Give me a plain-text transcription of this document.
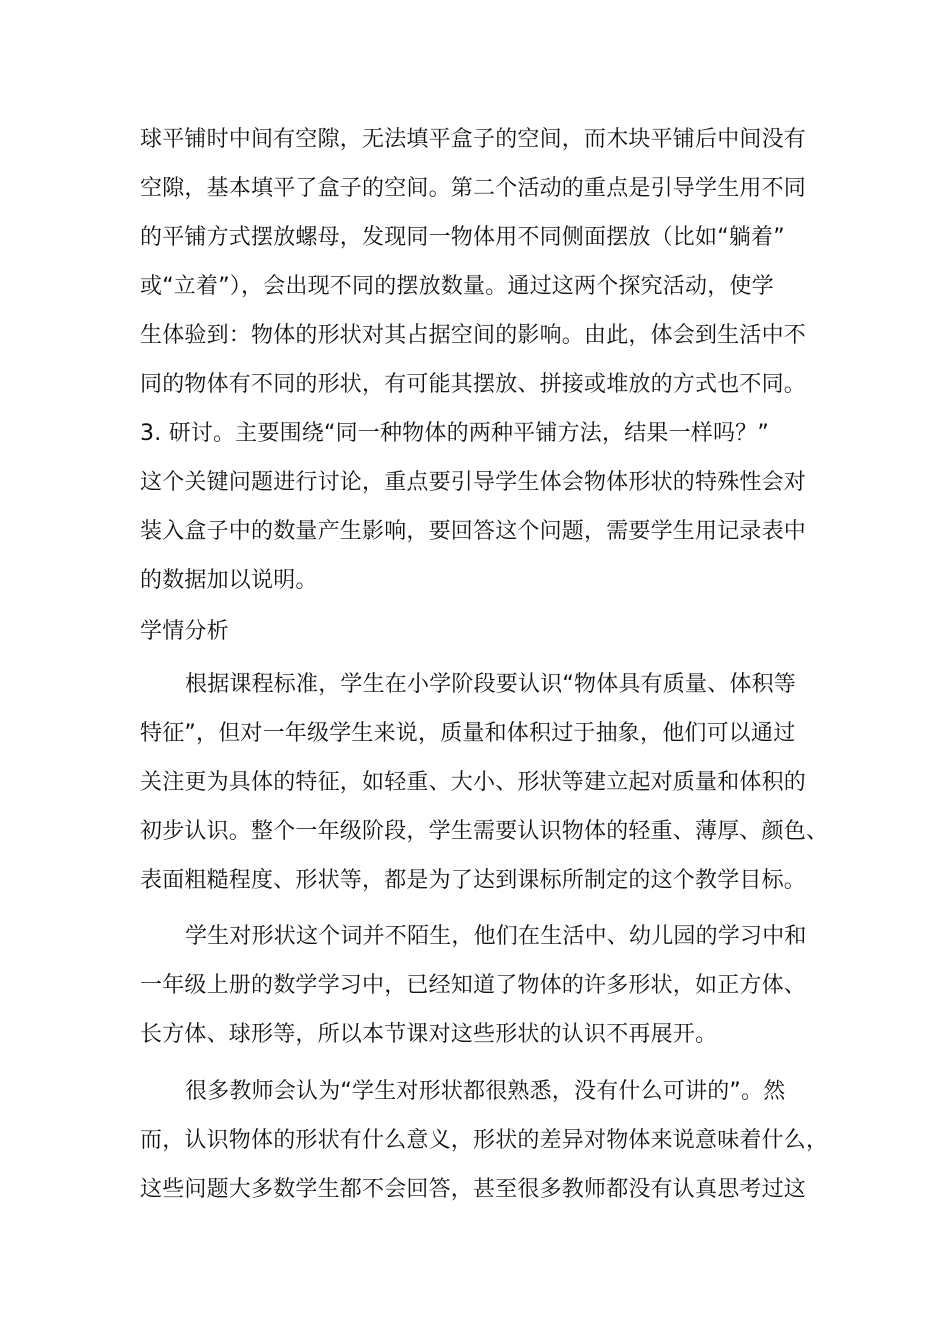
球平铺时中间有空隙，无法填平盒子的空间，而木块平铺后中间没有
空隙，基本填平了盒子的空间。第二个活动的重点是引导学生用不同
的平铺方式摆放螺母，发现同一物体用不同侧面摆放（比如“躺着”
或“立着”），会出现不同的摆放数量。通过这两个探究活动，使学
生体验到：物体的形状对其占据空间的影响。由此，体会到生活中不
同的物体有不同的形状，有可能其摆放、拼接或堆放的方式也不同。
3. 研讨。主要围绕“同一种物体的两种平铺方法，结果一样吗？”
这个关键问题进行讨论，重点要引导学生体会物体形状的特殊性会对
装入盒子中的数量产生影响，要回答这个问题，需要学生用记录表中
的数据加以说明。
学情分析
根据课程标准，学生在小学阶段要认识“物体具有质量、体积等
特征”，但对一年级学生来说，质量和体积过于抽象，他们可以通过
关注更为具体的特征，如轻重、大小、形状等建立起对质量和体积的
初步认识。整个一年级阶段，学生需要认识物体的轻重、薄厚、颜色、
表面粗糙程度、形状等，都是为了达到课标所制定的这个教学目标。
学生对形状这个词并不陌生，他们在生活中、幼儿园的学习中和
一年级上册的数学学习中，已经知道了物体的许多形状，如正方体、
长方体、球形等，所以本节课对这些形状的认识不再展开。
很多教师会认为“学生对形状都很熟悉，没有什么可讲的”。然
而，认识物体的形状有什么意义，形状的差异对物体来说意味着什么，
这些问题大多数学生都不会回答，甚至很多教师都没有认真思考过这
